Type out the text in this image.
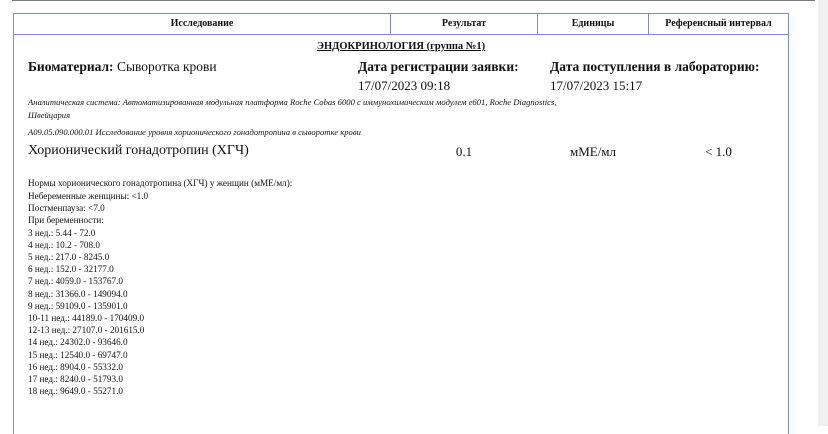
Исследование	Результат	Единицы	Референсный интервал
ЭНДОКРИНОЛОГИЯ (группа №1)
Биоматериал: Сыворотка крови	Дата регистрации заявки:
17/07/2023 09:18
Дата поступления в лабораторию:
17/07/2023 15:17
Аналитическая система: Автоматизированная модульная платформа Roche Cobas 6000 с иммунохимическим модулем e601, Roche Diagnostics,
Швейцария
A09.05.090.000.01 Исследование уровня хорионического гонадотропина в сыворотке крови
Хорионический гонадотропин (ХГЧ)	0.1	мМЕ/мл	< 1.0
Нормы хорионического гонадотропина (ХГЧ) у женщин (мМЕ/мл):
Небеременные женщины: <1.0
Постменпауза: <7.0
При беременности:
3 нед.: 5.44 - 72.0
4 нед.: 10.2 - 708.0
5 нед.: 217.0 - 8245.0
6 нед.: 152.0 - 32177.0
7 нед.: 4059.0 - 153767.0
8 нед.: 31366.0 - 149094.0
9 нед.: 59109.0 - 135901.0
10-11 нед.: 44189.0 - 170409.0
12-13 нед.: 27107.0 - 201615.0
14 нед.: 24302.0 - 93646.0
15 нед.: 12540.0 - 69747.0
16 нед.: 8904.0 - 55332.0
17 нед.: 8240.0 - 51793.0
18 нед.: 9649.0 - 55271.0
